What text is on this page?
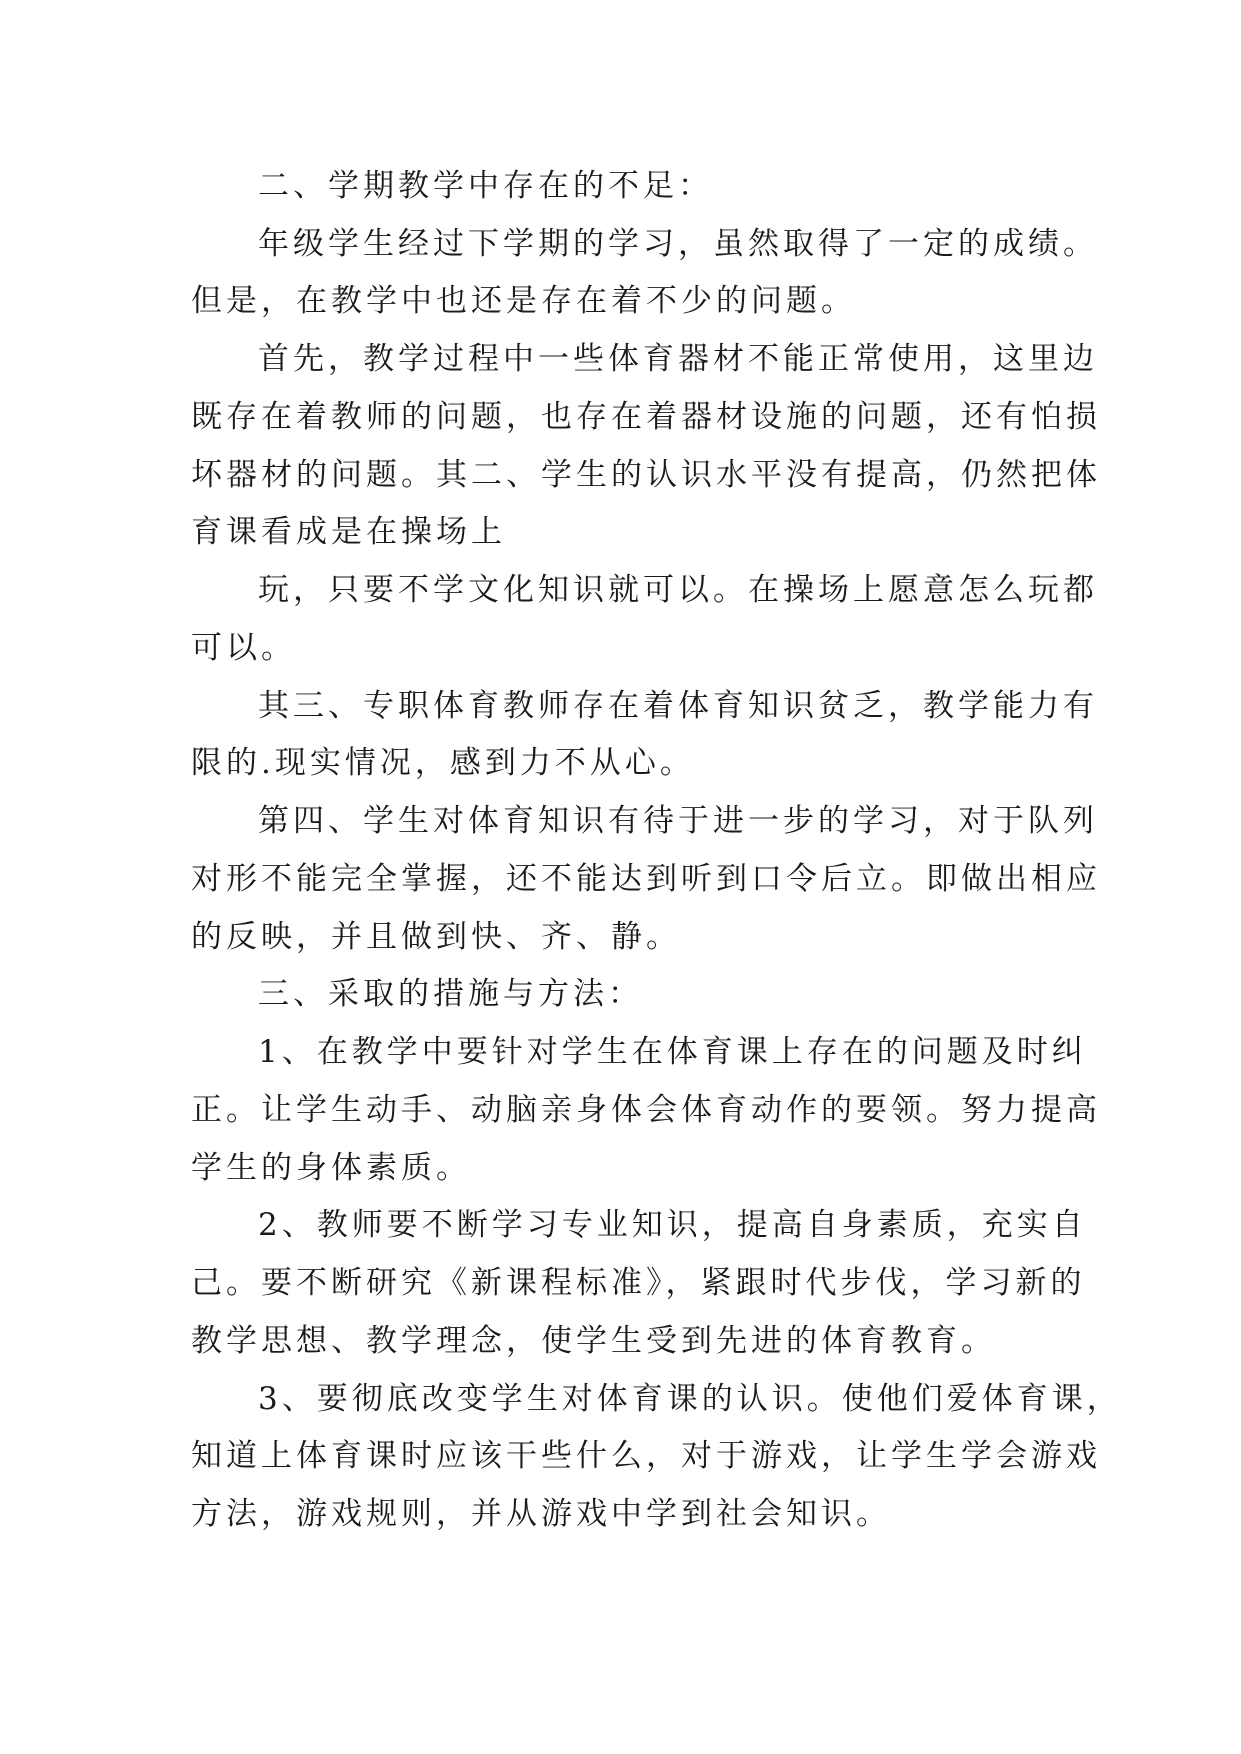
二、学期教学中存在的不足：

年级学生经过下学期的学习，虽然取得了一定的成绩。

但是，在教学中也还是存在着不少的问题。

首先，教学过程中一些体育器材不能正常使用，这里边

既存在着教师的问题，也存在着器材设施的问题，还有怕损

坏器材的问题。其二、学生的认识水平没有提高，仍然把体

育课看成是在操场上

玩，只要不学文化知识就可以。在操场上愿意怎么玩都

可以。

其三、专职体育教师存在着体育知识贫乏，教学能力有

限的.现实情况，感到力不从心。

第四、学生对体育知识有待于进一步的学习，对于队列

对形不能完全掌握，还不能达到听到口令后立。即做出相应

的反映，并且做到快、齐、静。

三、采取的措施与方法：

1、在教学中要针对学生在体育课上存在的问题及时纠

正。让学生动手、动脑亲身体会体育动作的要领。努力提高

学生的身体素质。

2、教师要不断学习专业知识，提高自身素质，充实自

己。要不断研究《新课程标准》，紧跟时代步伐，学习新的

教学思想、教学理念，使学生受到先进的体育教育。

3、要彻底改变学生对体育课的认识。使他们爱体育课，

知道上体育课时应该干些什么，对于游戏，让学生学会游戏

方法，游戏规则，并从游戏中学到社会知识。
